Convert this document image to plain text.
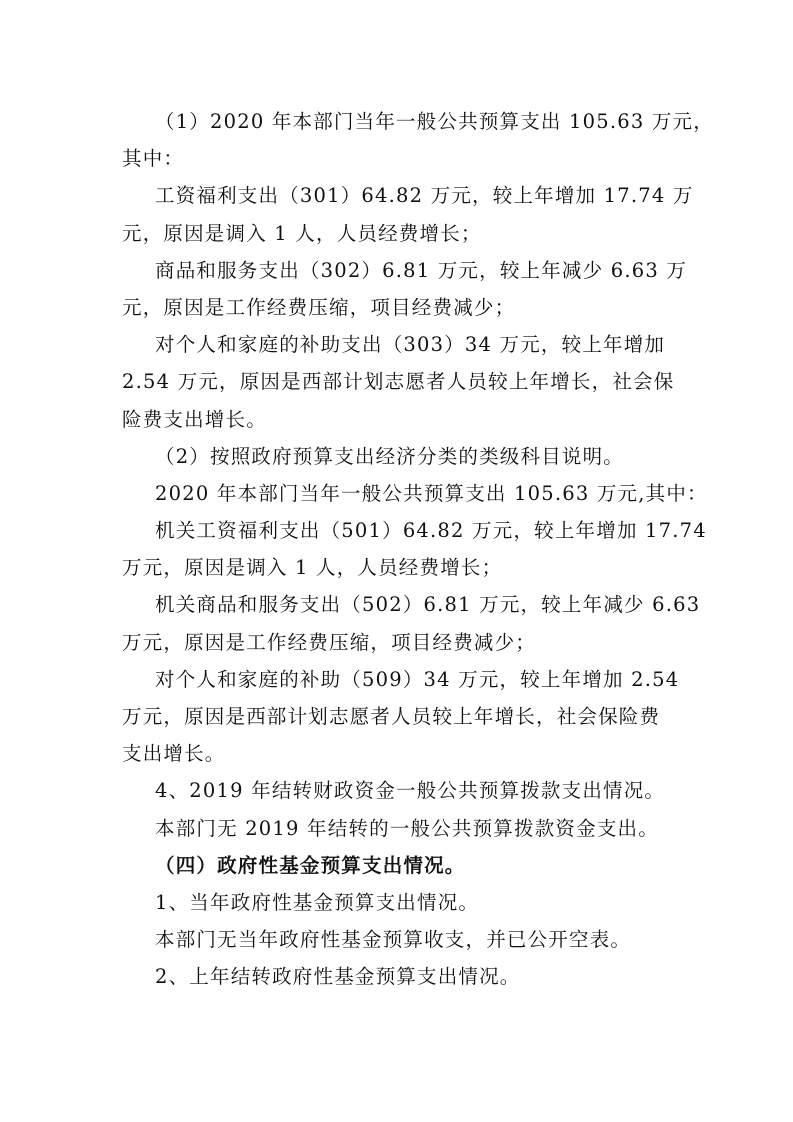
（1）2020 年本部门当年一般公共预算支出 105.63 万元，
其中：
工资福利支出（301）64.82 万元，较上年增加 17.74 万
元，原因是调入 1 人，人员经费增长；
商品和服务支出（302）6.81 万元，较上年减少 6.63 万
元，原因是工作经费压缩，项目经费减少；
对个人和家庭的补助支出（303）34 万元，较上年增加
2.54 万元，原因是西部计划志愿者人员较上年增长，社会保
险费支出增长。
（2）按照政府预算支出经济分类的类级科目说明。
2020 年本部门当年一般公共预算支出 105.63 万元,其中：
机关工资福利支出（501）64.82 万元，较上年增加 17.74
万元，原因是调入 1 人，人员经费增长；
机关商品和服务支出（502）6.81 万元，较上年减少 6.63
万元，原因是工作经费压缩，项目经费减少；
对个人和家庭的补助（509）34 万元，较上年增加 2.54
万元，原因是西部计划志愿者人员较上年增长，社会保险费
支出增长。
4、2019 年结转财政资金一般公共预算拨款支出情况。
本部门无 2019 年结转的一般公共预算拨款资金支出。
（四）政府性基金预算支出情况。
1、当年政府性基金预算支出情况。
本部门无当年政府性基金预算收支，并已公开空表。
2、上年结转政府性基金预算支出情况。
